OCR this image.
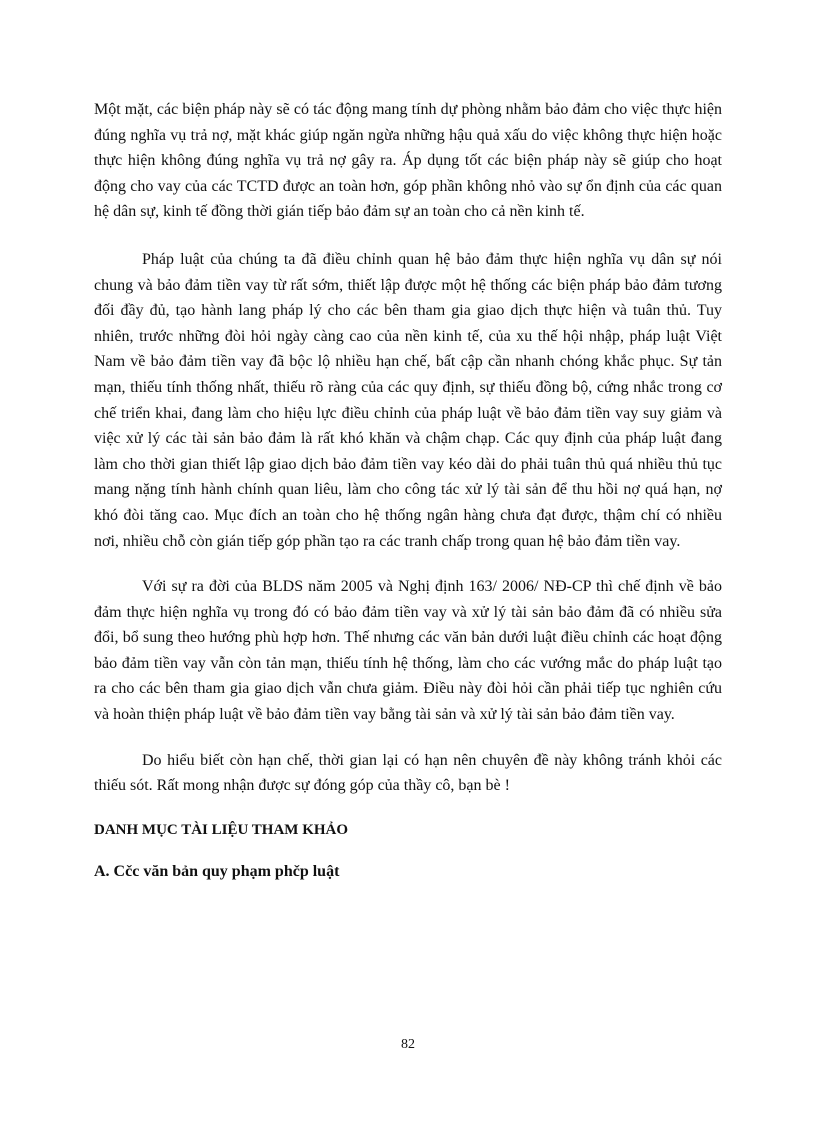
Một mặt, các biện pháp này sẽ có tác động mang tính dự phòng nhằm bảo đảm cho việc thực hiện đúng nghĩa vụ trả nợ, mặt khác giúp ngăn ngừa những hậu quả xấu do việc không thực hiện hoặc thực hiện không đúng nghĩa vụ trả nợ gây ra. Áp dụng tốt các biện pháp này sẽ giúp cho hoạt động cho vay của các TCTD được an toàn hơn, góp phần không nhỏ vào sự ổn định của các quan hệ dân sự, kinh tế đồng thời gián tiếp bảo đảm sự an toàn cho cả nền kinh tế.

Pháp luật của chúng ta đã điều chỉnh quan hệ bảo đảm thực hiện nghĩa vụ dân sự nói chung và bảo đảm tiền vay từ rất sớm, thiết lập được một hệ thống các biện pháp bảo đảm tương đối đầy đủ, tạo hành lang pháp lý cho các bên tham gia giao dịch thực hiện và tuân thủ. Tuy nhiên, trước những đòi hỏi ngày càng cao của nền kinh tế, của xu thế hội nhập, pháp luật Việt Nam về bảo đảm tiền vay đã bộc lộ nhiều hạn chế, bất cập cần nhanh chóng khắc phục. Sự tản mạn, thiếu tính thống nhất, thiếu rõ ràng của các quy định, sự thiếu đồng bộ, cứng nhắc trong cơ chế triển khai, đang làm cho hiệu lực điều chỉnh của pháp luật về bảo đảm tiền vay suy giảm và việc xử lý các tài sản bảo đảm là rất khó khăn và chậm chạp. Các quy định của pháp luật đang làm cho thời gian thiết lập giao dịch bảo đảm tiền vay kéo dài do phải tuân thủ quá nhiều thủ tục mang nặng tính hành chính quan liêu, làm cho công tác xử lý tài sản để thu hồi nợ quá hạn, nợ khó đòi tăng cao. Mục đích an toàn cho hệ thống ngân hàng chưa đạt được, thậm chí có nhiều nơi, nhiều chỗ còn gián tiếp góp phần tạo ra các tranh chấp trong quan hệ bảo đảm tiền vay.

Với sự ra đời của BLDS năm 2005 và Nghị định 163/ 2006/ NĐ-CP thì chế định về bảo đảm thực hiện nghĩa vụ trong đó có bảo đảm tiền vay và xử lý tài sản bảo đảm đã có nhiều sửa đổi, bổ sung theo hướng phù hợp hơn. Thế nhưng các văn bản dưới luật điều chỉnh các hoạt động bảo đảm tiền vay vẫn còn tản mạn, thiếu tính hệ thống, làm cho các vướng mắc do pháp luật tạo ra cho các bên tham gia giao dịch vẫn chưa giảm. Điều này đòi hỏi cần phải tiếp tục nghiên cứu và hoàn thiện pháp luật về bảo đảm tiền vay bằng tài sản và xử lý tài sản bảo đảm tiền vay.

Do hiểu biết còn hạn chế, thời gian lại có hạn nên chuyên đề này không tránh khỏi các thiếu sót. Rất mong nhận được sự đóng góp của thầy cô, bạn bè !

DANH MỤC TÀI LIỆU THAM KHẢO
A. Cčc văn bản quy phạm phčp luật
82
